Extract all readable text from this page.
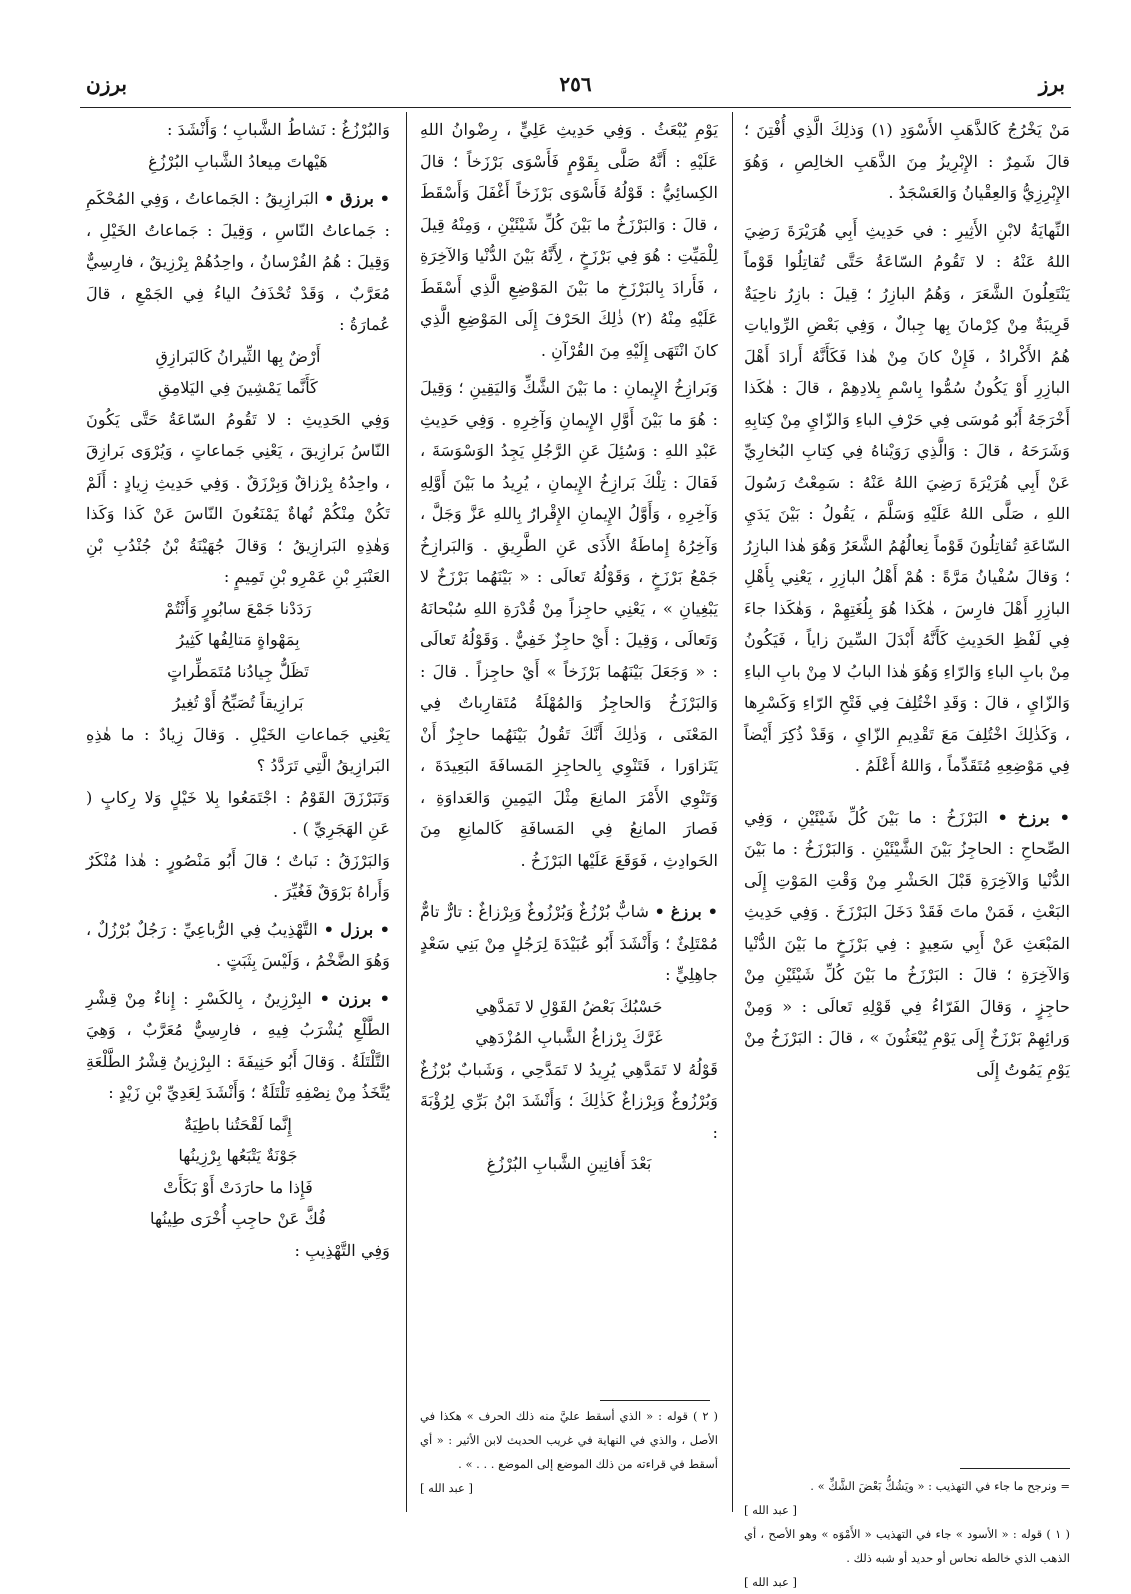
برز
٢٥٦
برزن

مَنْ يَخْرُجُ كَالذَّهَبِ الأَسْوَدِ (١) وَذلِكَ الَّذِي أُفْتِنَ ؛ قالَ شَمِرٌ : الإِبْرِيزُ مِنَ الذَّهَبِ الخالِصِ ، وَهُوَ الإِبْرِزِيُّ وَالعِقْيانُ وَالعَسْجَدُ .

النِّهايَةُ لابْنِ الأَثِيرِ : في حَدِيثِ أَبِي هُرَيْرَةَ رَضِيَ اللهُ عَنْهُ : لا تَقُومُ السّاعَةُ حَتَّى تُقاتِلُوا قَوْماً يَنْتَعِلُونَ الشَّعَرَ ، وَهُمُ البازِرُ ؛ قِيلَ : بازِرُ ناحِيَةٌ قَرِيبَةٌ مِنْ كِرْمانَ بِها جِبالٌ ، وَفِي بَعْضِ الرِّواياتِ هُمُ الأَكْرادُ ، فَإِنْ كانَ مِنْ هٰذا فَكَأَنَّهُ أَرادَ أَهْلَ البازِرِ أَوْ يَكُونُ سُمُّوا بِاسْمِ بِلادِهِمْ ، قالَ : هٰكَذا أَخْرَجَهُ أَبُو مُوسَى فِي حَرْفِ الباءِ وَالزّايِ مِنْ كِتابِهِ وَشَرَحَهُ ، قالَ : وَالَّذِي رَوَيْناهُ فِي كِتابِ البُخارِيِّ عَنْ أَبِي هُرَيْرَةَ رَضِيَ اللهُ عَنْهُ : سَمِعْتُ رَسُولَ اللهِ ، صَلَّى اللهُ عَلَيْهِ وَسَلَّمَ ، يَقُولُ : بَيْنَ يَدَيِ السّاعَةِ تُقاتِلُونَ قَوْماً نِعالُهُمُ الشَّعَرُ وَهُوَ هٰذا البازِرُ ؛ وَقالَ سُفْيانُ مَرَّةً : هُمْ أَهْلُ البازِرِ ، يَعْنِي بِأَهْلِ البازِرِ أَهْلَ فارِسَ ، هٰكَذا هُوَ بِلُغَتِهِمْ ، وَهٰكَذا جاءَ فِي لَفْظِ الحَدِيثِ كَأَنَّهُ أَبْدَلَ السِّينَ زاياً ، فَيَكُونُ مِنْ بابِ الباءِ وَالرّاءِ وَهُوَ هٰذا البابُ لا مِنْ بابِ الباءِ وَالزّايِ ، قالَ : وَقَدِ اخْتُلِفَ فِي فَتْحِ الرّاءِ وَكَسْرِها ، وَكَذٰلِكَ اخْتُلِفَ مَعَ تَقْدِيمِ الزّايِ ، وَقَدْ ذُكِرَ أَيْضاً فِي مَوْضِعِهِ مُتَقَدِّماً ، وَاللهُ أَعْلَمُ .

• برزخ • البَرْزَخُ : ما بَيْنَ كُلِّ شَيْئَيْنِ ، وَفِي الصِّحاحِ : الحاجِزُ بَيْنَ الشَّيْئَيْنِ . وَالبَرْزَخُ : ما بَيْنَ الدُّنْيا وَالآخِرَةِ قَبْلَ الحَشْرِ مِنْ وَقْتِ المَوْتِ إِلَى البَعْثِ ، فَمَنْ ماتَ فَقَدْ دَخَلَ البَرْزَخَ . وَفِي حَدِيثِ المَبْعَثِ عَنْ أَبِي سَعِيدٍ : فِي بَرْزَخٍ ما بَيْنَ الدُّنْيا وَالآخِرَةِ ؛ قالَ : البَرْزَخُ ما بَيْنَ كُلِّ شَيْئَيْنِ مِنْ حاجِزٍ ، وَقالَ الفَرّاءُ فِي قَوْلِهِ تَعالَى : « وَمِنْ وَرائِهِمْ بَرْزَخٌ إِلَى يَوْمِ يُبْعَثُونَ » ، قالَ : البَرْزَخُ مِنْ يَوْمِ يَمُوتُ إِلَى

= ونرجح ما جاء في التهذيب : « ويَشُكُّ بَعْضَ الشَّكِّ » .

[ عبد الله ]

( ١ ) قوله : « الأسود » جاء في التهذيب « الأَمْوَه » وهو الأصح ، أي الذهب الذي خالطه نحاس أو حديد أو شبه ذلك .

[ عبد الله ]

يَوْمِ يُبْعَثُ . وَفِي حَدِيثِ عَلِيٍّ ، رِضْوانُ اللهِ عَلَيْهِ : أَنَّهُ صَلَّى بِقَوْمٍ فَأَسْوَى بَرْزَخاً ؛ قالَ الكِسائِيُّ : قَوْلُهُ فَأَسْوَى بَرْزَخاً أَغْفَلَ وَأَسْقَطَ ، قالَ : وَالبَرْزَخُ ما بَيْنَ كُلِّ شَيْئَيْنِ ، وَمِنْهُ قِيلَ لِلْمَيِّتِ : هُوَ فِي بَرْزَخٍ ، لِأَنَّهُ بَيْنَ الدُّنْيا وَالآخِرَةِ ، فَأَرادَ بِالبَرْزَخِ ما بَيْنَ المَوْضِعِ الَّذِي أَسْقَطَ عَلَيْهِ مِنْهُ (٢) ذٰلِكَ الحَرْفَ إِلَى المَوْضِعِ الَّذِي كانَ انْتَهَى إِلَيْهِ مِنَ القُرْآنِ .

وَبَرازِخُ الإِيمانِ : ما بَيْنَ الشَّكِّ وَاليَقِينِ ؛ وَقِيلَ : هُوَ ما بَيْنَ أَوَّلِ الإِيمانِ وَآخِرِهِ . وَفِي حَدِيثِ عَبْدِ اللهِ : وَسُئِلَ عَنِ الرَّجُلِ يَجِدُ الوَسْوَسَةَ ، فَقالَ : تِلْكَ بَرازِخُ الإِيمانِ ، يُرِيدُ ما بَيْنَ أَوَّلِهِ وَآخِرِهِ ، وَأَوَّلُ الإِيمانِ الإِقْرارُ بِاللهِ عَزَّ وَجَلَّ ، وَآخِرُهُ إِماطَةُ الأَذَى عَنِ الطَّرِيقِ . وَالبَرازِخُ جَمْعُ بَرْزَخٍ ، وَقَوْلُهُ تَعالَى : « بَيْنَهُما بَرْزَخٌ لا يَبْغِيانِ » ، يَعْنِي حاجِزاً مِنْ قُدْرَةِ اللهِ سُبْحانَهُ وَتَعالَى ، وَقِيلَ : أَيْ حاجِزٌ خَفِيٌّ . وَقَوْلُهُ تَعالَى : « وَجَعَلَ بَيْنَهُما بَرْزَخاً » أَيْ حاجِزاً . قالَ : وَالبَرْزَخُ وَالحاجِزُ وَالمُهْلَةُ مُتَقارِباتٌ فِي المَعْنَى ، وَذٰلِكَ أَنَّكَ تَقُولُ بَيْنَهُما حاجِزٌ أَنْ يَتَزاوَرا ، فَتَنْوِي بِالحاجِزِ المَسافَةَ البَعِيدَةَ ، وَتَنْوِي الأَمْرَ المانِعَ مِثْلَ اليَمِينِ وَالعَداوَةِ ، فَصارَ المانِعُ فِي المَسافَةِ كَالمانِعِ مِنَ الحَوادِثِ ، فَوَقَعَ عَلَيْها البَرْزَخُ .

• برزغ • شابٌّ بُرْزُغٌ وَبُرْزُوغٌ وَبِرْزاغٌ : تارٌّ تامٌّ مُمْتَلِئٌ ؛ وَأَنْشَدَ أَبُو عُبَيْدَةَ لِرَجُلٍ مِنْ بَنِي سَعْدٍ جاهِلِيٍّ :

حَسْبُكَ بَعْضُ القَوْلِ لا تَمَدَّهِي

غَرَّكَ بِرْزاغُ الشَّبابِ المُزْدَهِي

قَوْلُهُ لا تَمَدَّهِي يُرِيدُ لا تَمَدَّحِي ، وَشَبابٌ بُرْزُغٌ وَبُرْزُوغٌ وَبِرْزاغٌ كَذٰلِكَ ؛ وَأَنْشَدَ ابْنُ بَرِّي لِرُؤْبَةَ :

بَعْدَ أَفانِينِ الشَّبابِ البُرْزُغِ

( ٢ ) قوله : « الذي أسقط عليَّ منه ذلك الحرف » هكذا في الأصل ، والذي في النهاية في غريب الحديث لابن الأثير : « أي أسقط في قراءته من ذلك الموضع إلى الموضع . . . » .

[ عبد الله ]

وَالبُرْزُغُ : نَشاطُ الشَّبابِ ؛ وَأَنْشَدَ :

هَيْهاتَ مِيعادُ الشَّبابِ البُرْزُغِ

• برزق • البَرازِيقُ : الجَماعاتُ ، وَفِي المُحْكَمِ : جَماعاتُ النّاسِ ، وَقِيلَ : جَماعاتُ الخَيْلِ ، وَقِيلَ : هُمُ الفُرْسانُ ، واحِدُهُمْ بِرْزِيقٌ ، فارِسِيٌّ مُعَرَّبٌ ، وَقَدْ تُحْذَفُ الياءُ فِي الجَمْعِ ، قالَ عُمارَةُ :

أَرْضٌ بِها الثِّيرانُ كَالبَرازِقِ

كَأَنَّما يَمْشِينَ فِي اليَلامِقِ

وَفِي الحَدِيثِ : لا تَقُومُ السّاعَةُ حَتَّى يَكُونَ النّاسُ بَرازِيقَ ، يَعْنِي جَماعاتٍ ، وَيُرْوَى بَرازِقَ ، واحِدُهُ بِرْزاقٌ وَبِرْزَقٌ . وَفِي حَدِيثِ زِيادٍ : أَلَمْ تَكُنْ مِنْكُمْ نُهاةٌ يَمْنَعُونَ النّاسَ عَنْ كَذا وَكَذا وَهٰذِهِ البَرازِيقُ ؛ وَقالَ جُهَيْنَةُ بْنُ جُنْدُبِ بْنِ العَنْبَرِ بْنِ عَمْرِو بْنِ تَمِيمٍ :

رَدَدْنا جَمْعَ سابُورٍ وَأَنْتُمْ

بِمَهْواةٍ مَتالِفُها كَثِيرُ

تَظَلُّ جِيادُنا مُتَمَطِّراتٍ

بَرازِيقاً تُصَبِّحُ أَوْ تُغِيرُ

يَعْنِي جَماعاتِ الخَيْلِ . وَقالَ زِيادٌ : ما هٰذِهِ البَرازِيقُ الَّتِي تَرَدَّدُ ؟

وَتَبَرْزَقَ القَوْمُ : اجْتَمَعُوا بِلا خَيْلٍ وَلا رِكابٍ ( عَنِ الهَجَرِيِّ ) .

وَالبَرْزَقُ : نَباتٌ ؛ قالَ أَبُو مَنْصُورٍ : هٰذا مُنْكَرٌ وَأَراهُ بَرْوَقٌ فَغُيِّرَ .

• برزل • التَّهْذِيبُ فِي الرُّباعِيِّ : رَجُلٌ بُرْزُلٌ ، وَهُوَ الضَّخْمُ ، وَلَيْسَ بِثَبَتٍ .

• برزن • البِرْزِينُ ، بِالكَسْرِ : إِناءٌ مِنْ قِشْرِ الطَّلْعِ يُشْرَبُ فِيهِ ، فارِسِيٌّ مُعَرَّبٌ ، وَهِيَ التَّلْتَلَةُ . وَقالَ أَبُو حَنِيفَةَ : البِرْزِينُ قِشْرُ الطَّلْعَةِ يُتَّخَذُ مِنْ نِصْفِهِ تَلْتَلَةٌ ؛ وَأَنْشَدَ لِعَدِيِّ بْنِ زَيْدٍ :

إِنَّما لَقْحَتُنا باطِيَةٌ

جَوْنَةٌ يَتْبَعُها بِرْزِينُها

فَإِذا ما حارَدَتْ أَوْ بَكَأَتْ

فُكَّ عَنْ حاجِبِ أُخْرَى طِينُها

وَفِي التَّهْذِيبِ :
